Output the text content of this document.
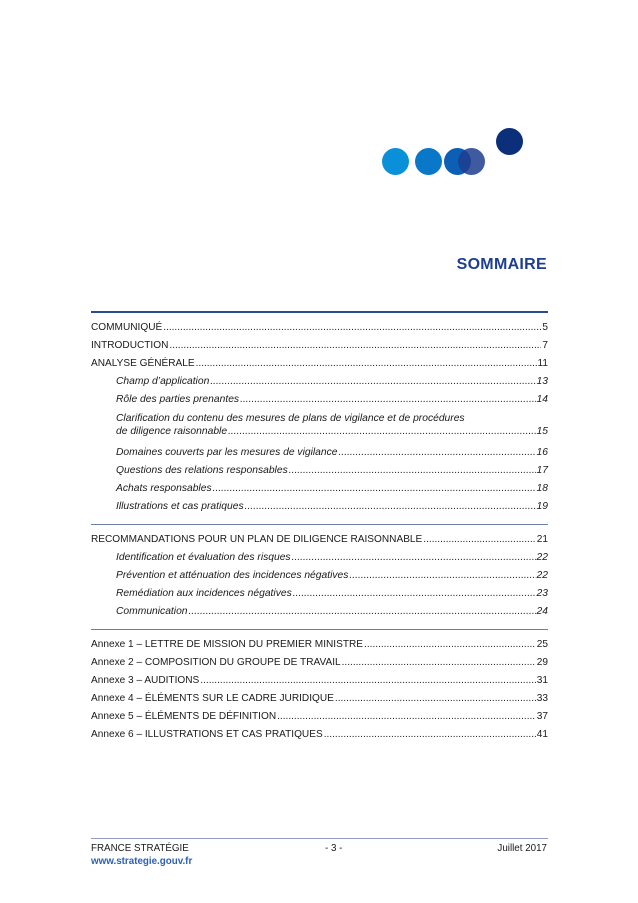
SOMMAIRE
COMMUNIQUÉ .....	5
INTRODUCTION .....	7
ANALYSE GÉNÉRALE .....	11
Champ d’application .....	13
Rôle des parties prenantes .....	14
Clarification du contenu des mesures de plans de vigilance et de procédures
de diligence raisonnable .....	15
Domaines couverts par les mesures de vigilance .....	16
Questions des relations responsables .....	17
Achats responsables .....	18
Illustrations et cas pratiques .....	19
RECOMMANDATIONS POUR UN PLAN DE DILIGENCE RAISONNABLE .....	21
Identification et évaluation des risques .....	22
Prévention et atténuation des incidences négatives .....	22
Remédiation aux incidences négatives .....	23
Communication .....	24
Annexe 1 – LETTRE DE MISSION DU PREMIER MINISTRE .....	25
Annexe 2 – COMPOSITION DU GROUPE DE TRAVAIL .....	29
Annexe 3 – AUDITIONS .....	31
Annexe 4 – ÉLÉMENTS SUR LE CADRE JURIDIQUE .....	33
Annexe 5 – ÉLÉMENTS DE DÉFINITION .....	37
Annexe 6 – ILLUSTRATIONS ET CAS PRATIQUES .....	41
FRANCE STRATÉGIE	- 3 -	Juillet 2017
www.strategie.gouv.fr
